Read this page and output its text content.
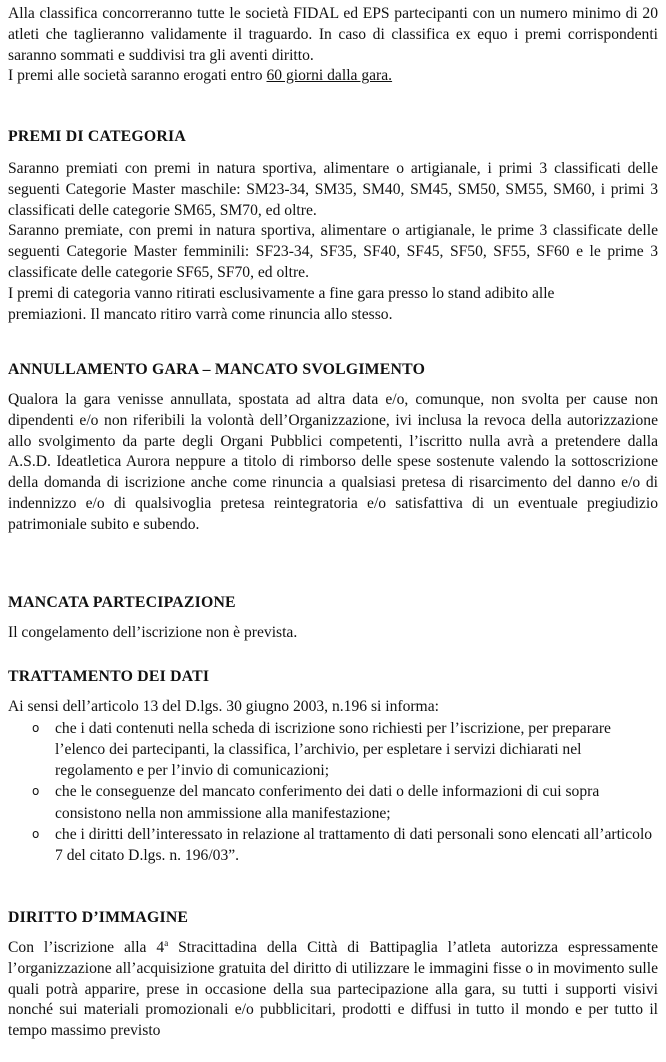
Alla classifica concorreranno tutte le società FIDAL ed EPS partecipanti con un numero minimo di 20 atleti che taglieranno validamente il traguardo. In caso di classifica ex equo i premi corrispondenti saranno sommati e suddivisi tra gli aventi diritto.

I premi alle società saranno erogati entro 60 giorni dalla gara.

PREMI DI CATEGORIA

Saranno premiati con premi in natura sportiva, alimentare o artigianale, i primi 3 classificati delle seguenti Categorie Master maschile: SM23-34, SM35, SM40, SM45, SM50, SM55, SM60, i primi 3 classificati delle categorie SM65, SM70, ed oltre.

Saranno premiate, con premi in natura sportiva, alimentare o artigianale, le prime 3 classificate delle seguenti Categorie Master femminili: SF23-34, SF35, SF40, SF45, SF50, SF55, SF60 e le prime 3 classificate delle categorie SF65, SF70, ed oltre.

I premi di categoria vanno ritirati esclusivamente a fine gara presso lo stand adibito alle premiazioni. Il mancato ritiro varrà come rinuncia allo stesso.

ANNULLAMENTO GARA – MANCATO SVOLGIMENTO

Qualora la gara venisse annullata, spostata ad altra data e/o, comunque, non svolta per cause non dipendenti e/o non riferibili la volontà dell’Organizzazione, ivi inclusa la revoca della autorizzazione allo svolgimento da parte degli Organi Pubblici competenti, l’iscritto nulla avrà a pretendere dalla A.S.D. Ideatletica Aurora neppure a titolo di rimborso delle spese sostenute valendo la sottoscrizione della domanda di iscrizione anche come rinuncia a qualsiasi pretesa di risarcimento del danno e/o di indennizzo e/o di qualsivoglia pretesa reintegratoria e/o satisfattiva di un eventuale pregiudizio patrimoniale subito e subendo.

MANCATA PARTECIPAZIONE

Il congelamento dell’iscrizione non è prevista.

TRATTAMENTO DEI DATI

Ai sensi dell’articolo 13 del D.lgs. 30 giugno 2003, n.196 si informa:

o che i dati contenuti nella scheda di iscrizione sono richiesti per l’iscrizione, per preparare l’elenco dei partecipanti, la classifica, l’archivio, per espletare i servizi dichiarati nel regolamento e per l’invio di comunicazioni;
o che le conseguenze del mancato conferimento dei dati o delle informazioni di cui sopra consistono nella non ammissione alla manifestazione;
o che i diritti dell’interessato in relazione al trattamento di dati personali sono elencati all’articolo 7 del citato D.lgs. n. 196/03”.
DIRITTO D’IMMAGINE

Con l’iscrizione alla 4$^a$ Stracittadina della Città di Battipaglia l’atleta autorizza espressamente l’organizzazione all’acquisizione gratuita del diritto di utilizzare le immagini fisse o in movimento sulle quali potrà apparire, prese in occasione della sua partecipazione alla gara, su tutti i supporti visivi nonché sui materiali promozionali e/o pubblicitari, prodotti e diffusi in tutto il mondo e per tutto il tempo massimo previsto
